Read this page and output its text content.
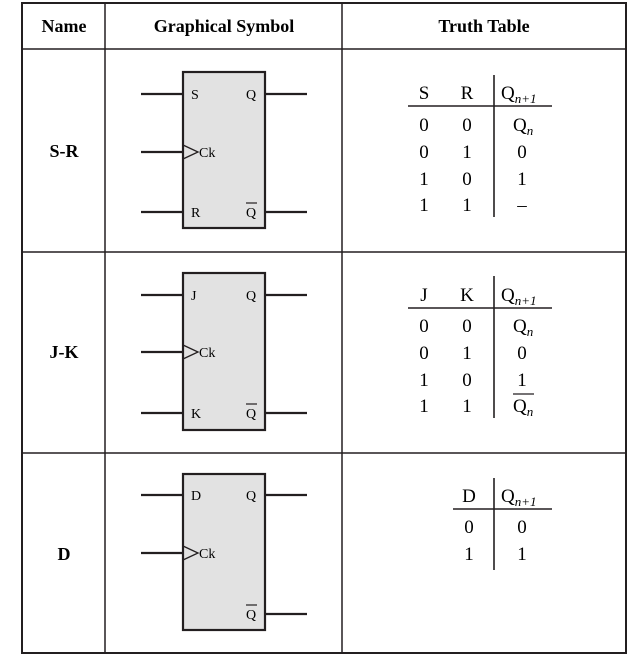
Name	Graphical Symbol	Truth Table
S-R
J-K
D
S
Ck
R
Q
Q
J
Ck
K
Q
Q
D
Ck
Q
Q
S R $Q_{n+1}$
0 0 $Q_n$
0 1 0
1 0 1
1 1 –
J K $Q_{n+1}$
0 0 $Q_n$
0 1 0
1 0 1
1 1 $Q_n$
D $Q_{n+1}$
0 0
1 1
